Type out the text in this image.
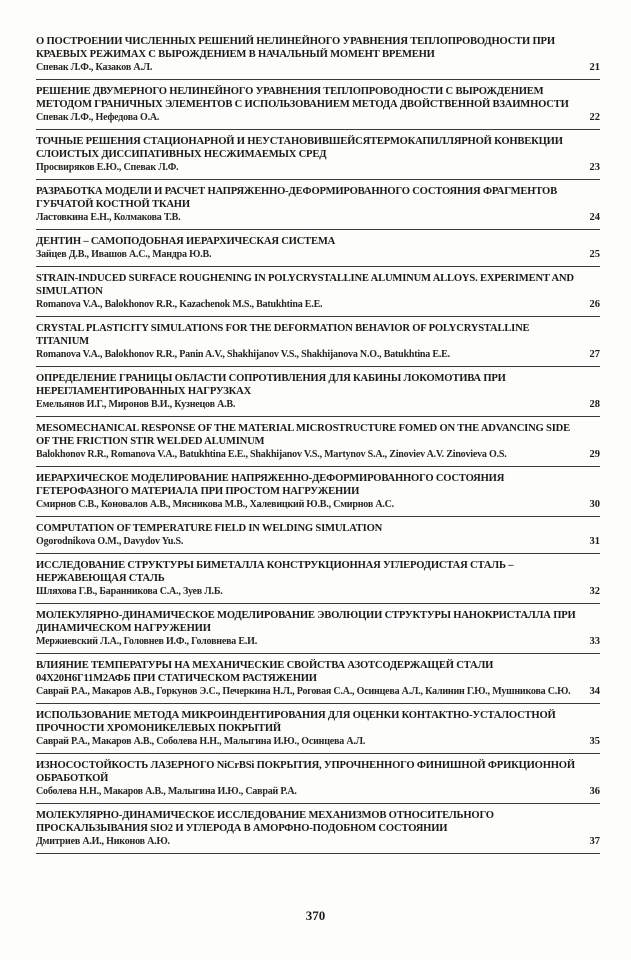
О ПОСТРОЕНИИ ЧИСЛЕННЫХ РЕШЕНИЙ НЕЛИНЕЙНОГО УРАВНЕНИЯ ТЕПЛОПРОВОДНОСТИ ПРИ КРАЕВЫХ РЕЖИМАХ С ВЫРОЖДЕНИЕМ В НАЧАЛЬНЫЙ МОМЕНТ ВРЕМЕНИ

Спевак Л.Ф., Казаков А.Л.	21

РЕШЕНИЕ ДВУМЕРНОГО НЕЛИНЕЙНОГО УРАВНЕНИЯ ТЕПЛОПРОВОДНОСТИ С ВЫРОЖДЕНИЕМ МЕТОДОМ ГРАНИЧНЫХ ЭЛЕМЕНТОВ С ИСПОЛЬЗОВАНИЕМ МЕТОДА ДВОЙСТВЕННОЙ ВЗАИМНОСТИ

Спевак Л.Ф., Нефедова О.А.	22

ТОЧНЫЕ РЕШЕНИЯ СТАЦИОНАРНОЙ И НЕУСТАНОВИВШЕЙСЯТЕРМОКАПИЛЛЯРНОЙ КОНВЕКЦИИ СЛОИСТЫХ ДИССИПАТИВНЫХ НЕСЖИМАЕМЫХ СРЕД

Просвиряков Е.Ю., Спевак Л.Ф.	23

РАЗРАБОТКА МОДЕЛИ И РАСЧЕТ НАПРЯЖЕННО-ДЕФОРМИРОВАННОГО СОСТОЯНИЯ ФРАГМЕНТОВ ГУБЧАТОЙ КОСТНОЙ ТКАНИ

Ластовкина Е.Н., Колмакова Т.В.	24

ДЕНТИН – САМОПОДОБНАЯ ИЕРАРХИЧЕСКАЯ СИСТЕМА

Зайцев Д.В., Ивашов А.С., Мандра Ю.В.	25

STRAIN-INDUCED SURFACE ROUGHENING IN POLYCRYSTALLINE ALUMINUM ALLOYS. EXPERIMENT AND SIMULATION

Romanova V.A., Balokhonov R.R., Kazachenok M.S., Batukhtina E.E.	26

CRYSTAL PLASTICITY SIMULATIONS FOR THE DEFORMATION BEHAVIOR OF POLYCRYSTALLINE TITANIUM

Romanova V.A., Balokhonov R.R., Panin A.V., Shakhijanov V.S., Shakhijanova N.O., Batukhtina E.E.	27

ОПРЕДЕЛЕНИЕ ГРАНИЦЫ ОБЛАСТИ СОПРОТИВЛЕНИЯ ДЛЯ КАБИНЫ ЛОКОМОТИВА ПРИ НЕРЕГЛАМЕНТИРОВАННЫХ НАГРУЗКАХ

Емельянов И.Г., Миронов В.И., Кузнецов А.В.	28

MESOMECHANICAL RESPONSE OF THE MATERIAL MICROSTRUCTURE FOMED ON THE ADVANCING SIDE OF THE FRICTION STIR WELDED ALUMINUM

Balokhonov R.R., Romanova V.A., Batukhtina E.E., Shakhijanov V.S., Martynov S.A., Zinoviev A.V. Zinovieva O.S.	29

ИЕРАРХИЧЕСКОЕ МОДЕЛИРОВАНИЕ НАПРЯЖЕННО-ДЕФОРМИРОВАННОГО СОСТОЯНИЯ ГЕТЕРОФАЗНОГО МАТЕРИАЛА ПРИ ПРОСТОМ НАГРУЖЕНИИ

Смирнов С.В., Коновалов А.В., Мясникова М.В., Халевицкий Ю.В., Смирнов А.С.	30

COMPUTATION OF TEMPERATURE FIELD IN WELDING SIMULATION

Ogorodnikova O.M., Davydov Yu.S.	31

ИССЛЕДОВАНИЕ СТРУКТУРЫ БИМЕТАЛЛА КОНСТРУКЦИОННАЯ УГЛЕРОДИСТАЯ СТАЛЬ – НЕРЖАВЕЮЩАЯ СТАЛЬ

Шляхова Г.В., Баранникова С.А., Зуев Л.Б.	32

МОЛЕКУЛЯРНО-ДИНАМИЧЕСКОЕ МОДЕЛИРОВАНИЕ ЭВОЛЮЦИИ СТРУКТУРЫ НАНОКРИСТАЛЛА ПРИ ДИНАМИЧЕСКОМ НАГРУЖЕНИИ

Мержиевский Л.А., Головнев И.Ф., Головнева Е.И.	33

ВЛИЯНИЕ ТЕМПЕРАТУРЫ НА МЕХАНИЧЕСКИЕ СВОЙСТВА АЗОТСОДЕРЖАЩЕЙ СТАЛИ 04Х20Н6Г11М2АФБ ПРИ СТАТИЧЕСКОМ РАСТЯЖЕНИИ

Саврай Р.А., Макаров А.В., Горкунов Э.С., Печеркина Н.Л., Роговая С.А., Осинцева А.Л., Калинин Г.Ю., Мушникова С.Ю.	34

ИСПОЛЬЗОВАНИЕ МЕТОДА МИКРОИНДЕНТИРОВАНИЯ ДЛЯ ОЦЕНКИ КОНТАКТНО-УСТАЛОСТНОЙ ПРОЧНОСТИ ХРОМОНИКЕЛЕВЫХ ПОКРЫТИЙ

Саврай Р.А., Макаров А.В., Соболева Н.Н., Малыгина И.Ю., Осинцева А.Л.	35

ИЗНОСОСТОЙКОСТЬ ЛАЗЕРНОГО NiCrBSi ПОКРЫТИЯ, УПРОЧНЕННОГО ФИНИШНОЙ ФРИКЦИОННОЙ ОБРАБОТКОЙ

Соболева Н.Н., Макаров А.В., Малыгина И.Ю., Саврай Р.А.	36

МОЛЕКУЛЯРНО-ДИНАМИЧЕСКОЕ ИССЛЕДОВАНИЕ МЕХАНИЗМОВ ОТНОСИТЕЛЬНОГО ПРОСКАЛЬЗЫВАНИЯ SIO2 И УГЛЕРОДА В АМОРФНО-ПОДОБНОМ СОСТОЯНИИ

Дмитриев А.И., Никонов А.Ю.	37
370
